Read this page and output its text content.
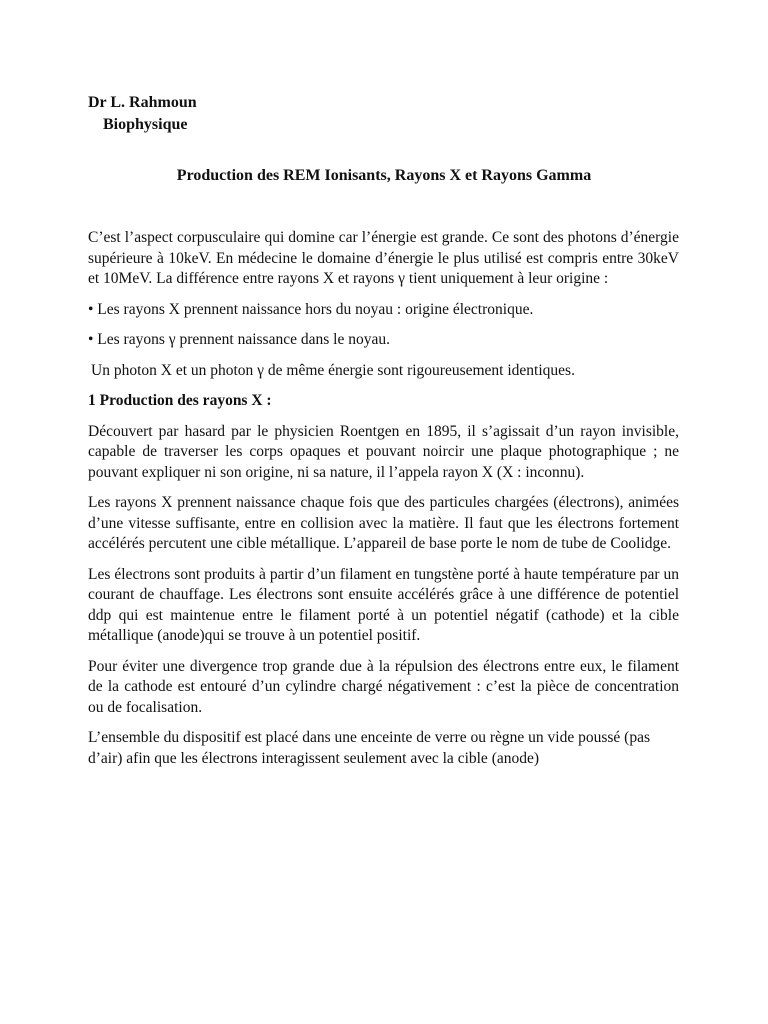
Dr L. Rahmoun
Biophysique
Production des REM Ionisants, Rayons X et Rayons Gamma

C’est l’aspect corpusculaire qui domine car l’énergie est grande. Ce sont des photons d’énergie supérieure à 10keV. En médecine le domaine d’énergie le plus utilisé est compris entre 30keV et 10MeV. La différence entre rayons X et rayons γ tient uniquement à leur origine :

• Les rayons X prennent naissance hors du noyau : origine électronique.

• Les rayons γ prennent naissance dans le noyau.

Un photon X et un photon γ de même énergie sont rigoureusement identiques.

1 Production des rayons X :

Découvert par hasard par le physicien Roentgen en 1895, il s’agissait d’un rayon invisible, capable de traverser les corps opaques et pouvant noircir une plaque photographique ; ne pouvant expliquer ni son origine, ni sa nature, il l’appela rayon X (X : inconnu).

Les rayons X prennent naissance chaque fois que des particules chargées (électrons), animées d’une vitesse suffisante, entre en collision avec la matière. Il faut que les électrons fortement accélérés percutent une cible métallique. L’appareil de base porte le nom de tube de Coolidge.

Les électrons sont produits à partir d’un filament en tungstène porté à haute température par un courant de chauffage. Les électrons sont ensuite accélérés grâce à une différence de potentiel ddp qui est maintenue entre le filament porté à un potentiel négatif (cathode) et la cible métallique (anode)qui se trouve à un potentiel positif.

Pour éviter une divergence trop grande due à la répulsion des électrons entre eux, le filament de la cathode est entouré d’un cylindre chargé négativement : c’est la pièce de concentration ou de focalisation.

L’ensemble du dispositif est placé dans une enceinte de verre ou règne un vide poussé (pas d’air) afin que les électrons interagissent seulement avec la cible (anode)
